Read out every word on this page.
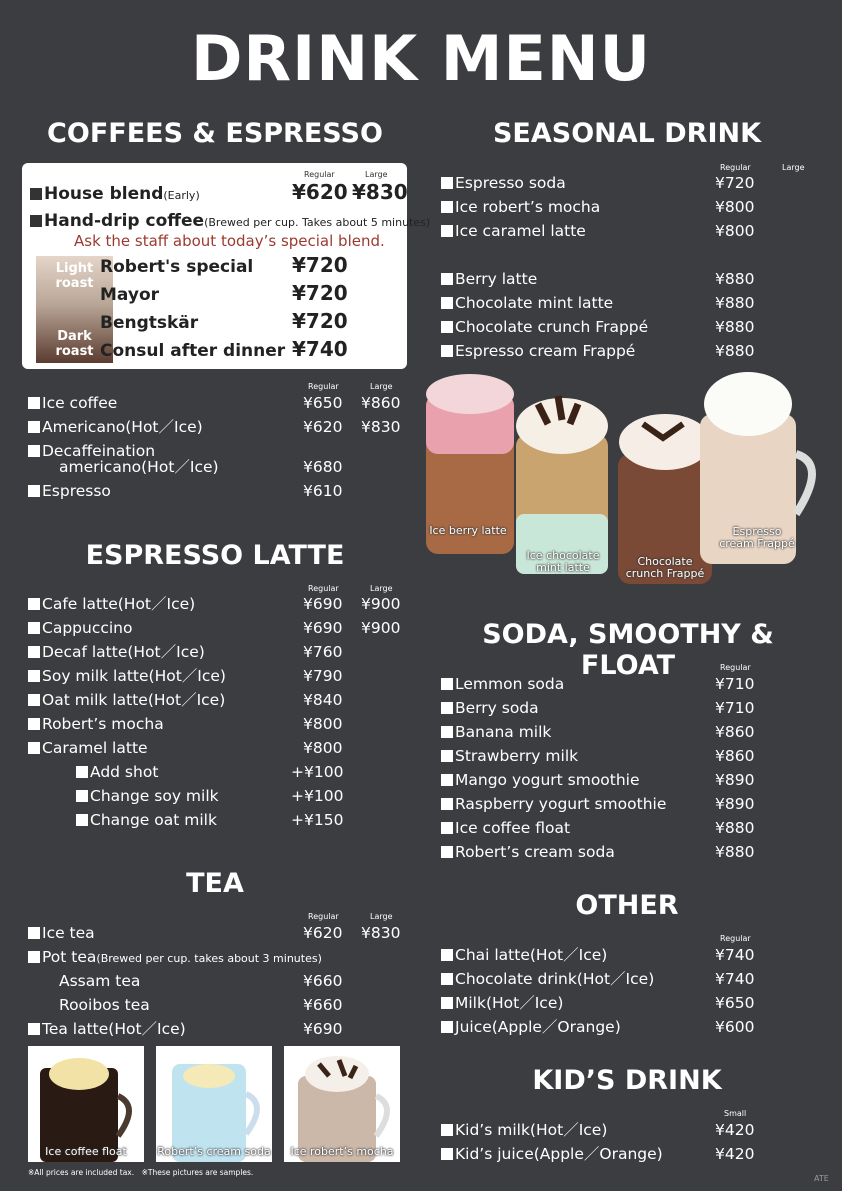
DRINK MENU
COFFEES & ESPRESSO
Regular	Large
House blend(Early)	¥620 ¥830
Hand-drip coffee(Brewed per cup. Takes about 5 minutes)
Ask the staff about today’s special blend.
Light roast
Dark roast
Robert's special ¥720
Mayor	¥720
Bengtskär	¥720
Consul after dinner ¥740
Regular	Large
Ice coffee	¥650 ¥860
Americano(Hot／Ice)	¥620 ¥830
Decaffeination
americano(Hot／Ice)	¥680
Espresso	¥610
ESPRESSO LATTE
Regular	Large
Cafe latte(Hot／Ice)	¥690 ¥900
Cappuccino	¥690 ¥900
Decaf latte(Hot／Ice)	¥760
Soy milk latte(Hot／Ice)	¥790
Oat milk latte(Hot／Ice)	¥840
Robert’s mocha	¥800
Caramel latte	¥800
Add shot	+¥100
Change soy milk	+¥100
Change oat milk	+¥150
TEA
Regular	Large
Ice tea	¥620 ¥830
Pot tea(Brewed per cup. takes about 3 minutes)
Assam tea	¥660
Rooibos tea	¥660
Tea latte(Hot／Ice)	¥690
Ice coffee float	Robert’s cream soda	Ice robert’s mocha
※All prices are included tax.　※These pictures are samples.
SEASONAL DRINK
Regular	Large
Espresso soda	¥720
Ice robert’s mocha	¥800
Ice caramel latte	¥800
Berry latte	¥880
Chocolate mint latte	¥880
Chocolate crunch Frappé	¥880
Espresso cream Frappé	¥880
Ice berry latte
Ice chocolate mint latte	Chocolate crunch Frappé
Espresso cream Frappé
SODA, SMOOTHY & FLOAT	Regular
Lemmon soda	¥710
Berry soda	¥710
Banana milk	¥860
Strawberry milk	¥860
Mango yogurt smoothie	¥890
Raspberry yogurt smoothie	¥890
Ice coffee float	¥880
Robert’s cream soda	¥880
OTHER
Regular
Chai latte(Hot／Ice)	¥740
Chocolate drink(Hot／Ice)	¥740
Milk(Hot／Ice)	¥650
Juice(Apple／Orange)	¥600
KID’S DRINK
Small
Kid’s milk(Hot／Ice)	¥420
Kid’s juice(Apple／Orange)	¥420
ATE
